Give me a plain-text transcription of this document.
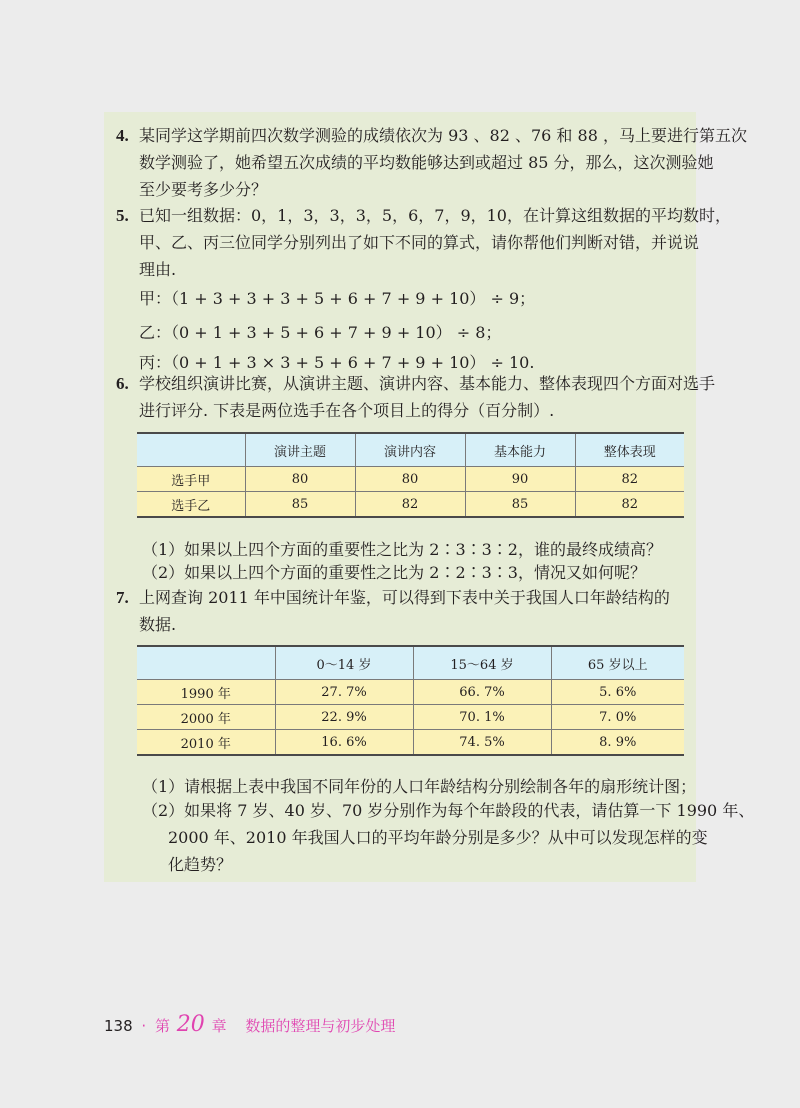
4. 某同学这学期前四次数学测验的成绩依次为 93 、82 、76 和 88 ，马上要进行第五次
数学测验了，她希望五次成绩的平均数能够达到或超过 85 分，那么，这次测验她
至少要考多少分？
5. 已知一组数据：0，1，3，3，3，5，6，7，9，10，在计算这组数据的平均数时，
甲、乙、丙三位同学分别列出了如下不同的算式，请你帮他们判断对错，并说说
理由.
甲：（1 + 3 + 3 + 3 + 5 + 6 + 7 + 9 + 10） ÷ 9；
乙：（0 + 1 + 3 + 5 + 6 + 7 + 9 + 10） ÷ 8；
丙：（0 + 1 + 3 × 3 + 5 + 6 + 7 + 9 + 10） ÷ 10.
6. 学校组织演讲比赛，从演讲主题、演讲内容、基本能力、整体表现四个方面对选手
进行评分. 下表是两位选手在各个项目上的得分（百分制）.
	演讲主题	演讲内容	基本能力	整体表现
选手甲	80	80	90	82
选手乙	85	82	85	82
（1）如果以上四个方面的重要性之比为 2∶3∶3∶2，谁的最终成绩高？
（2）如果以上四个方面的重要性之比为 2∶2∶3∶3，情况又如何呢？
7. 上网查询 2011 年中国统计年鉴，可以得到下表中关于我国人口年龄结构的
数据.
	0～14 岁	15～64 岁	65 岁以上
1990 年	27. 7%	66. 7%	5. 6%
2000 年	22. 9%	70. 1%	7. 0%
2010 年	16. 6%	74. 5%	8. 9%
（1）请根据上表中我国不同年份的人口年龄结构分别绘制各年的扇形统计图；
（2）如果将 7 岁、40 岁、70 岁分别作为每个年龄段的代表，请估算一下 1990 年、
2000 年、2010 年我国人口的平均年龄分别是多少？从中可以发现怎样的变
化趋势？
138 · 第 20 章 数据的整理与初步处理
